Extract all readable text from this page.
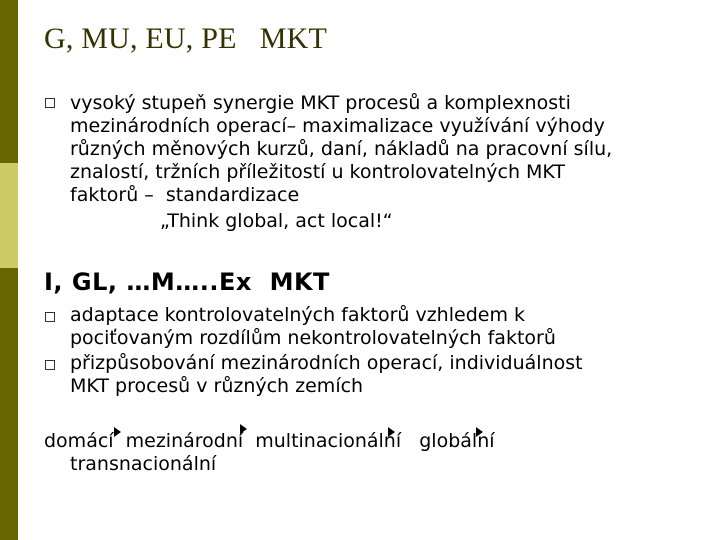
G, MU, EU, PE   MKT
vysoký stupeň synergie MKT procesů a komplexnosti
mezinárodních operací– maximalizace využívání výhody
různých měnových kurzů, daní, nákladů na pracovní sílu,
znalostí, tržních příležitostí u kontrolovatelných MKT
faktorů –  standardizace
„Think global, act local!“
I, GL, …M…..Ex  MKT
adaptace kontrolovatelných faktorů vzhledem k
pociťovaným rozdílům nekontrolovatelných faktorů
přizpůsobování mezinárodních operací, individuálnost
MKT procesů v různých zemích
domácí  mezinárodní  multinacionální   globální
transnacionální
